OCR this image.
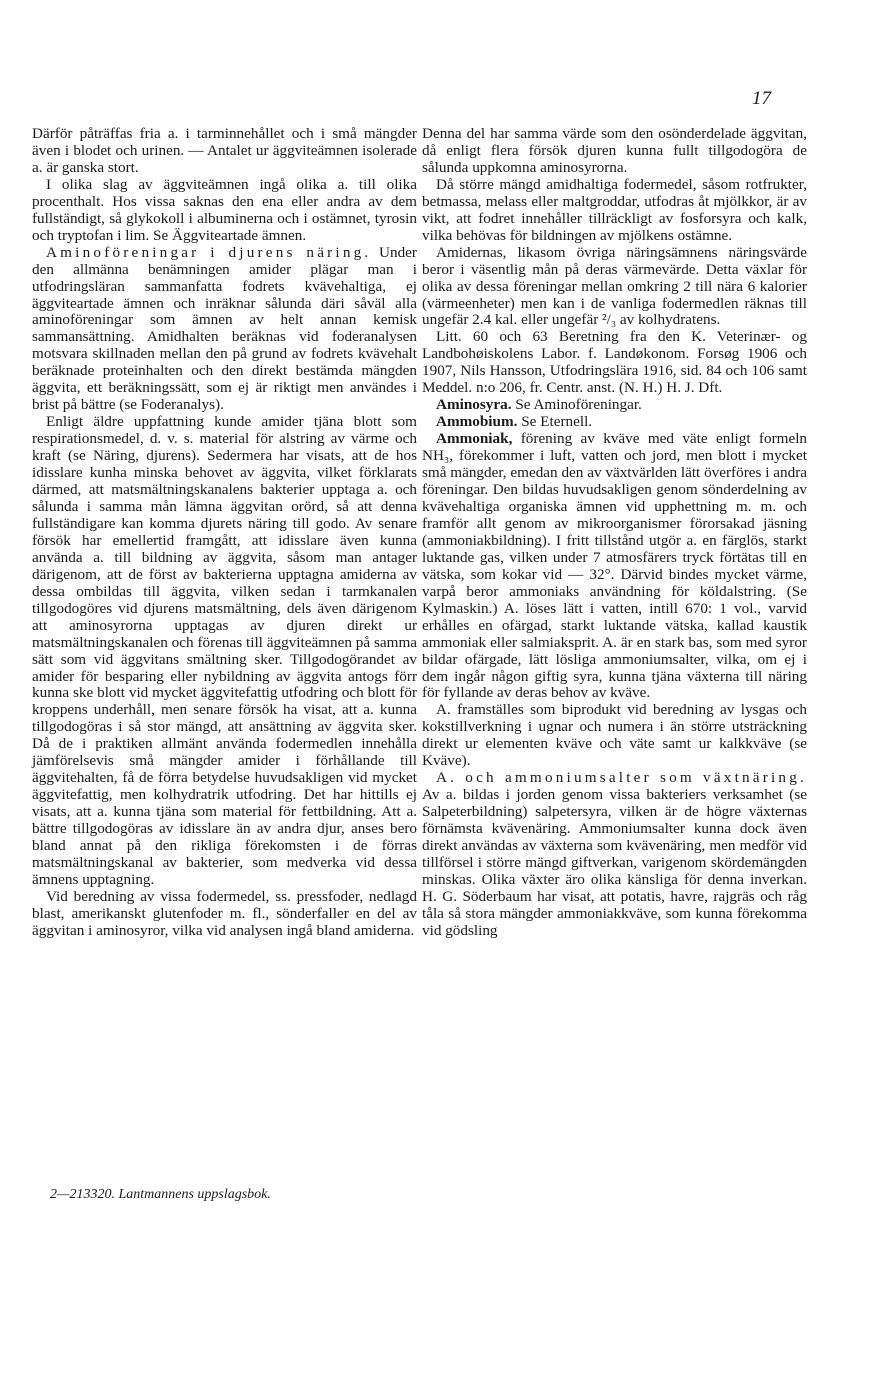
17

Därför påträffas fria a. i tarminnehållet och i små mängder även i blodet och urinen. — Antalet ur äggviteämnen isolerade a. är ganska stort.

I olika slag av äggviteämnen ingå olika a. till olika procenthalt. Hos vissa saknas den ena eller andra av dem fullständigt, så glykokoll i albuminerna och i ostämnet, tyrosin och tryptofan i lim. Se Äggviteartade ämnen.

Aminoföreningar i djurens näring. Under den allmänna benämningen amider plägar man i utfodringsläran sammanfatta fodrets kvävehaltiga, ej äggviteartade ämnen och inräknar sålunda däri såväl alla aminoföreningar som ämnen av helt annan kemisk sammansättning. Amidhalten beräknas vid foderanalysen motsvara skillnaden mellan den på grund av fodrets kvävehalt beräknade proteinhalten och den direkt bestämda mängden äggvita, ett beräkningssätt, som ej är riktigt men användes i brist på bättre (se Foderanalys).

Enligt äldre uppfattning kunde amider tjäna blott som respirationsmedel, d. v. s. material för alstring av värme och kraft (se Näring, djurens). Sedermera har visats, att de hos idisslare kunha minska behovet av äggvita, vilket förklarats därmed, att matsmältningskanalens bakterier upptaga a. och sålunda i samma mån lämna äggvitan orörd, så att denna fullständigare kan komma djurets näring till godo. Av senare försök har emellertid framgått, att idisslare även kunna använda a. till bildning av äggvita, såsom man antager därigenom, att de först av bakterierna upptagna amiderna av dessa ombildas till äggvita, vilken sedan i tarmkanalen tillgodogöres vid djurens matsmältning, dels även därigenom att aminosyrorna upptagas av djuren direkt ur matsmältningskanalen och förenas till äggviteämnen på samma sätt som vid äggvitans smältning sker. Tillgodogörandet av amider för besparing eller nybildning av äggvita antogs förr kunna ske blott vid mycket äggvitefattig utfodring och blott för kroppens underhåll, men senare försök ha visat, att a. kunna tillgodogöras i så stor mängd, att ansättning av äggvita sker. Då de i praktiken allmänt använda fodermedlen innehålla jämförelsevis små mängder amider i förhållande till äggvitehalten, få de förra betydelse huvudsakligen vid mycket äggvitefattig, men kolhydratrik utfodring. Det har hittills ej visats, att a. kunna tjäna som material för fettbildning. Att a. bättre tillgodogöras av idisslare än av andra djur, anses bero bland annat på den rikliga förekomsten i de förras matsmältningskanal av bakterier, som medverka vid dessa ämnens upptagning.

Vid beredning av vissa fodermedel, ss. pressfoder, nedlagd blast, amerikanskt glutenfoder m. fl., sönderfaller en del av äggvitan i aminosyror, vilka vid analysen ingå bland amiderna.

Denna del har samma värde som den osönderdelade äggvitan, då enligt flera försök djuren kunna fullt tillgodogöra de sålunda uppkomna aminosyrorna.

Då större mängd amidhaltiga fodermedel, såsom rotfrukter, betmassa, melass eller maltgroddar, utfodras åt mjölkkor, är av vikt, att fodret innehåller tillräckligt av fosforsyra och kalk, vilka behövas för bildningen av mjölkens ostämne.

Amidernas, likasom övriga näringsämnens näringsvärde beror i väsentlig mån på deras värmevärde. Detta växlar för olika av dessa föreningar mellan omkring 2 till nära 6 kalorier (värmeenheter) men kan i de vanliga fodermedlen räknas till ungefär 2.4 kal. eller ungefär ²/₃ av kolhydratens.

Litt. 60 och 63 Beretning fra den K. Veterinær- og Landbohøiskolens Labor. f. Landøkonom. Forsøg 1906 och 1907, Nils Hansson, Utfodringslära 1916, sid. 84 och 106 samt Meddel. n:o 206, fr. Centr. anst. (N. H.) H. J. Dft.

Aminosyra. Se Aminoföreningar.

Ammobium. Se Eternell.

Ammoniak, förening av kväve med väte enligt formeln NH₃, förekommer i luft, vatten och jord, men blott i mycket små mängder, emedan den av växtvärlden lätt överföres i andra föreningar. Den bildas huvudsakligen genom sönderdelning av kvävehaltiga organiska ämnen vid upphettning m. m. och framför allt genom av mikroorganismer förorsakad jäsning (ammoniakbildning). I fritt tillstånd utgör a. en färglös, starkt luktande gas, vilken under 7 atmosfärers tryck förtätas till en vätska, som kokar vid — 32°. Därvid bindes mycket värme, varpå beror ammoniaks användning för köldalstring. (Se Kylmaskin.) A. löses lätt i vatten, intill 670: 1 vol., varvid erhålles en ofärgad, starkt luktande vätska, kallad kaustik ammoniak eller salmiaksprit. A. är en stark bas, som med syror bildar ofärgade, lätt lösliga ammoniumsalter, vilka, om ej i dem ingår någon giftig syra, kunna tjäna växterna till näring för fyllande av deras behov av kväve.

A. framställes som biprodukt vid beredning av lysgas och kokstillverkning i ugnar och numera i än större utsträckning direkt ur elementen kväve och väte samt ur kalkkväve (se Kväve).

A. och ammoniumsalter som växtnäring. Av a. bildas i jorden genom vissa bakteriers verksamhet (se Salpeterbildning) salpetersyra, vilken är de högre växternas förnämsta kvävenäring. Ammoniumsalter kunna dock även direkt användas av växterna som kvävenäring, men medför vid tillförsel i större mängd giftverkan, varigenom skördemängden minskas. Olika växter äro olika känsliga för denna inverkan. H. G. Söderbaum har visat, att potatis, havre, rajgräs och råg tåla så stora mängder ammoniakkväve, som kunna förekomma vid gödsling

2—213320. Lantmannens uppslagsbok.
